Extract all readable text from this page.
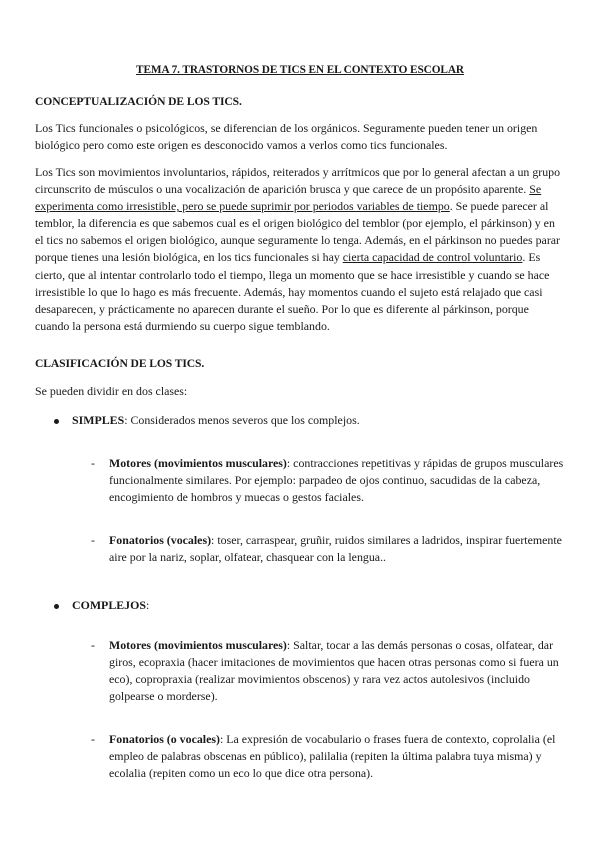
TEMA 7. TRASTORNOS DE TICS EN EL CONTEXTO ESCOLAR
CONCEPTUALIZACIÓN DE LOS TICS.

Los Tics funcionales o psicológicos, se diferencian de los orgánicos. Seguramente pueden tener un origen biológico pero como este origen es desconocido vamos a verlos como tics funcionales.

Los Tics son movimientos involuntarios, rápidos, reiterados y arrítmicos que por lo general afectan a un grupo circunscrito de músculos o una vocalización de aparición brusca y que carece de un propósito aparente. Se experimenta como irresistible, pero se puede suprimir por periodos variables de tiempo. Se puede parecer al temblor, la diferencia es que sabemos cual es el origen biológico del temblor (por ejemplo, el párkinson) y en el tics no sabemos el origen biológico, aunque seguramente lo tenga. Además, en el párkinson no puedes parar porque tienes una lesión biológica, en los tics funcionales si hay cierta capacidad de control voluntario. Es cierto, que al intentar controlarlo todo el tiempo, llega un momento que se hace irresistible y cuando se hace irresistible lo que lo hago es más frecuente. Además, hay momentos cuando el sujeto está relajado que casi desaparecen, y prácticamente no aparecen durante el sueño. Por lo que es diferente al párkinson, porque cuando la persona está durmiendo su cuerpo sigue temblando.

CLASIFICACIÓN DE LOS TICS.

Se pueden dividir en dos clases:

SIMPLES: Considerados menos severos que los complejos.
- Motores (movimientos musculares): contracciones repetitivas y rápidas de grupos musculares funcionalmente similares. Por ejemplo: parpadeo de ojos continuo, sacudidas de la cabeza, encogimiento de hombros y muecas o gestos faciales.

- Fonatorios (vocales): toser, carraspear, gruñir, ruidos similares a ladridos, inspirar fuertemente aire por la nariz, soplar, olfatear, chasquear con la lengua..

COMPLEJOS:
- Motores (movimientos musculares): Saltar, tocar a las demás personas o cosas, olfatear, dar giros, ecopraxia (hacer imitaciones de movimientos que hacen otras personas como si fuera un eco), copropraxia (realizar movimientos obscenos) y rara vez actos autolesivos (incluido golpearse o morderse).

- Fonatorios (o vocales): La expresión de vocabulario o frases fuera de contexto, coprolalia (el empleo de palabras obscenas en público), palilalia (repiten la última palabra tuya misma) y ecolalia (repiten como un eco lo que dice otra persona).
